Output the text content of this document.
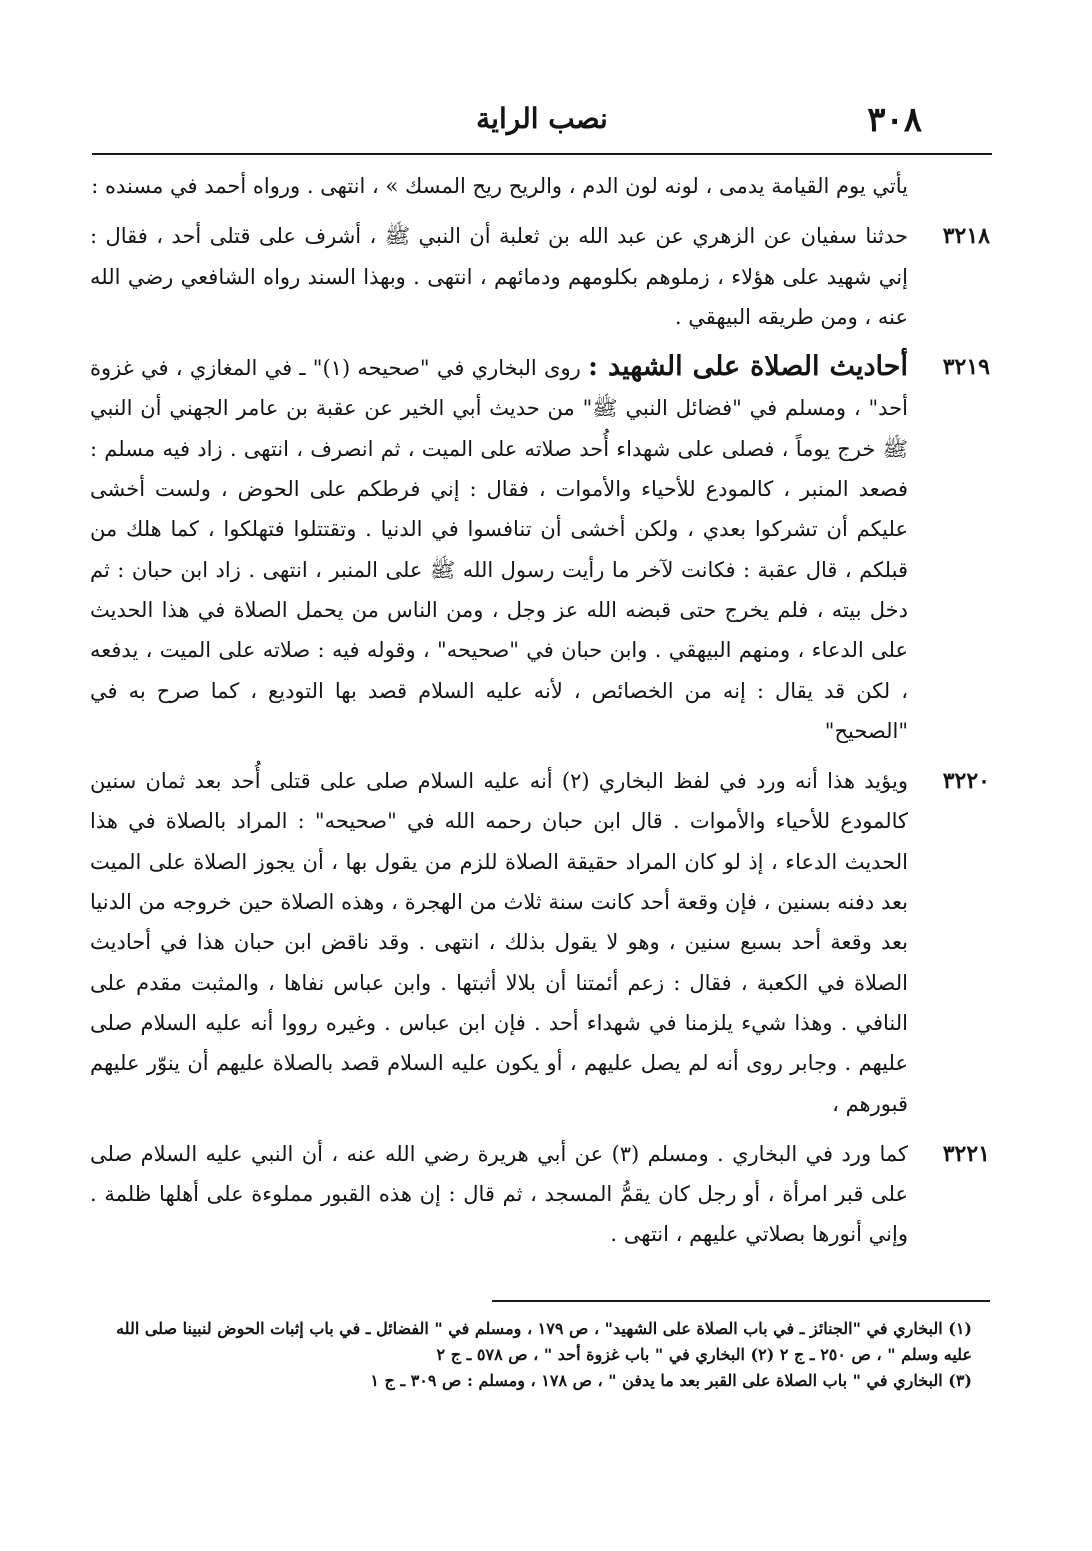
٣٠٨
نصب الراية

يأتي يوم القيامة يدمى ، لونه لون الدم ، والريح ريح المسك » ، انتهى . ورواه أحمد في مسنده :

٣٢١٨
حدثنا سفيان عن الزهري عن عبد الله بن ثعلبة أن النبي ﷺ ، أشرف على قتلى أحد ، فقال : إني شهيد على هؤلاء ، زملوهم بكلومهم ودمائهم ، انتهى . وبهذا السند رواه الشافعي رضي الله عنه ، ومن طريقه البيهقي .

٣٢١٩
أحاديث الصلاة على الشهيد : روى البخاري في "صحيحه (١)" ـ في المغازي ، في غزوة أحد" ، ومسلم في "فضائل النبي ﷺ" من حديث أبي الخير عن عقبة بن عامر الجهني أن النبي ﷺ خرج يوماً ، فصلى على شهداء أُحد صلاته على الميت ، ثم انصرف ، انتهى . زاد فيه مسلم : فصعد المنبر ، كالمودع للأحياء والأموات ، فقال : إني فرطكم على الحوض ، ولست أخشى عليكم أن تشركوا بعدي ، ولكن أخشى أن تنافسوا في الدنيا . وتقتتلوا فتهلكوا ، كما هلك من قبلكم ، قال عقبة : فكانت لآخر ما رأيت رسول الله ﷺ على المنبر ، انتهى . زاد ابن حبان : ثم دخل بيته ، فلم يخرج حتى قبضه الله عز وجل ، ومن الناس من يحمل الصلاة في هذا الحديث على الدعاء ، ومنهم البيهقي . وابن حبان في "صحيحه" ، وقوله فيه : صلاته على الميت ، يدفعه ، لكن قد يقال : إنه من الخصائص ، لأنه عليه السلام قصد بها التوديع ، كما صرح به في "الصحيح"

٣٢٢٠
ويؤيد هذا أنه ورد في لفظ البخاري (٢) أنه عليه السلام صلى على قتلى أُحد بعد ثمان سنين كالمودع للأحياء والأموات . قال ابن حبان رحمه الله في "صحيحه" : المراد بالصلاة في هذا الحديث الدعاء ، إذ لو كان المراد حقيقة الصلاة للزم من يقول بها ، أن يجوز الصلاة على الميت بعد دفنه بسنين ، فإن وقعة أحد كانت سنة ثلاث من الهجرة ، وهذه الصلاة حين خروجه من الدنيا بعد وقعة أحد بسبع سنين ، وهو لا يقول بذلك ، انتهى . وقد ناقض ابن حبان هذا في أحاديث الصلاة في الكعبة ، فقال : زعم أئمتنا أن بلالا أثبتها . وابن عباس نفاها ، والمثبت مقدم على النافي . وهذا شيء يلزمنا في شهداء أحد . فإن ابن عباس . وغيره رووا أنه عليه السلام صلى عليهم . وجابر روى أنه لم يصل عليهم ، أو يكون عليه السلام قصد بالصلاة عليهم أن ينوّر عليهم قبورهم ،

٣٢٢١
كما ورد في البخاري . ومسلم (٣) عن أبي هريرة رضي الله عنه ، أن النبي عليه السلام صلى على قبر امرأة ، أو رجل كان يقمُّ المسجد ، ثم قال : إن هذه القبور مملوءة على أهلها ظلمة . وإني أنورها بصلاتي عليهم ، انتهى .

(١) البخاري في "الجنائز ـ في باب الصلاة على الشهيد" ، ص ١٧٩ ، ومسلم في " الفضائل ـ في باب إثبات الحوض لنبينا صلى الله عليه وسلم " ، ص ٢٥٠ ـ ج ٢ (٢) البخاري في " باب غزوة أحد " ، ص ٥٧٨ ـ ج ٢
(٣) البخاري في " باب الصلاة على القبر بعد ما يدفن " ، ص ١٧٨ ، ومسلم : ص ٣٠٩ ـ ج ١
